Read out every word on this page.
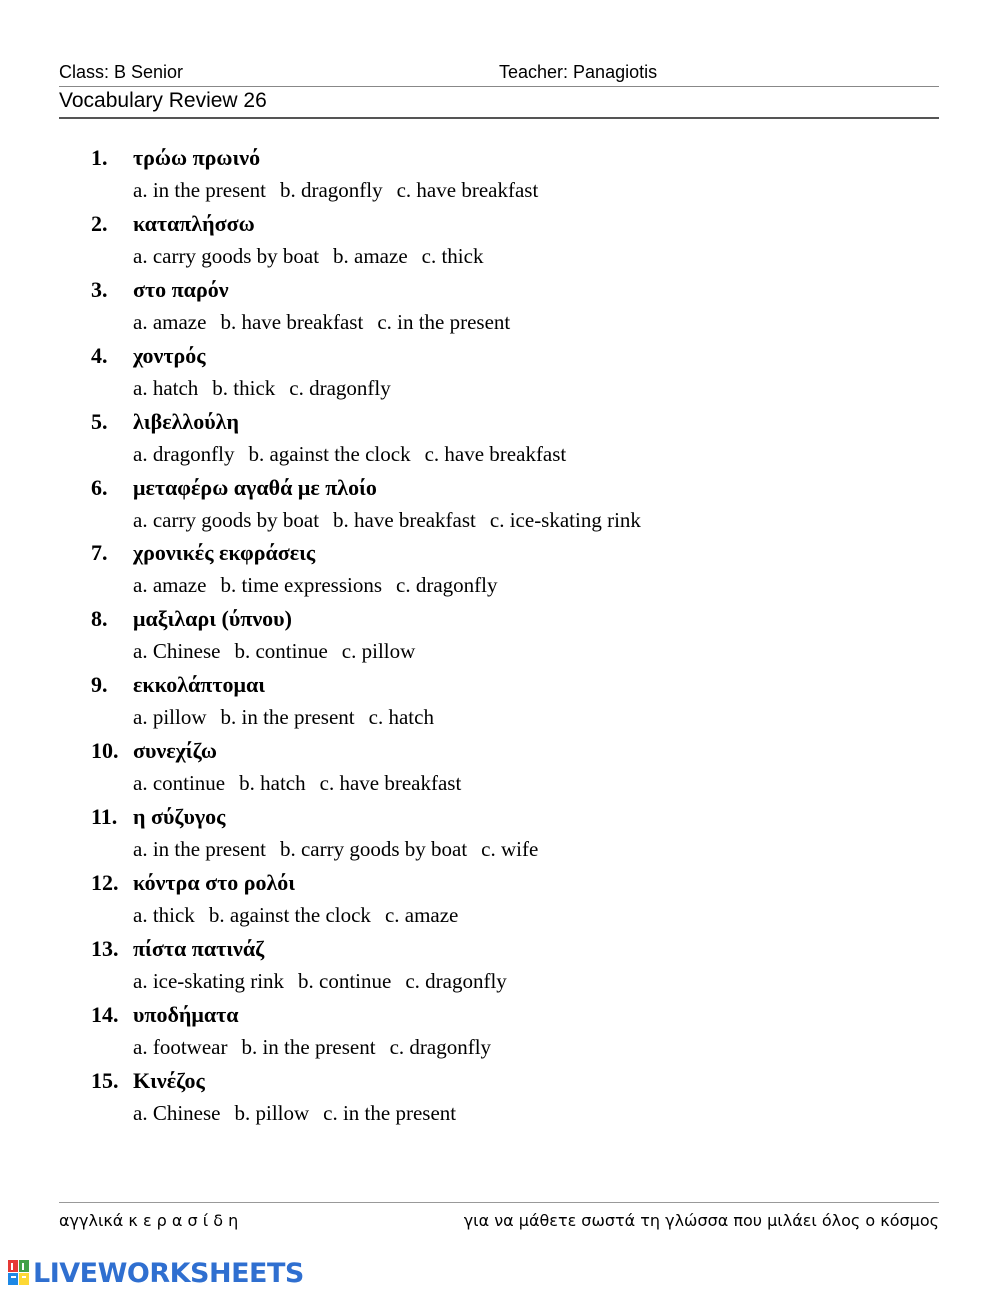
Class: B Senior	Teacher: Panagiotis
Vocabulary Review 26
1. τρώω πρωινό
a. in the present b. dragonfly c. have breakfast
2. καταπλήσσω
a. carry goods by boat b. amaze c. thick
3. στο παρόν
a. amaze b. have breakfast c. in the present
4. χοντρός
a. hatch b. thick c. dragonfly
5. λιβελλούλη
a. dragonfly b. against the clock c. have breakfast
6. μεταφέρω αγαθά με πλοίο
a. carry goods by boat b. have breakfast c. ice-skating rink
7. χρονικές εκφράσεις
a. amaze b. time expressions c. dragonfly
8. μαξιλαρι (ύπνου)
a. Chinese b. continue c. pillow
9. εκκολάπτομαι
a. pillow b. in the present c. hatch
10. συνεχίζω
a. continue b. hatch c. have breakfast
11. η σύζυγος
a. in the present b. carry goods by boat c. wife
12. κόντρα στο ρολόι
a. thick b. against the clock c. amaze
13. πίστα πατινάζ
a. ice-skating rink b. continue c. dragonfly
14. υποδήματα
a. footwear b. in the present c. dragonfly
15. Κινέζος
a. Chinese b. pillow c. in the present
αγγλικά κ ε ρ α σ ί δ η	για να μάθετε σωστά τη γλώσσα που μιλάει όλος ο κόσμος
LIVEWORKSHEETS
